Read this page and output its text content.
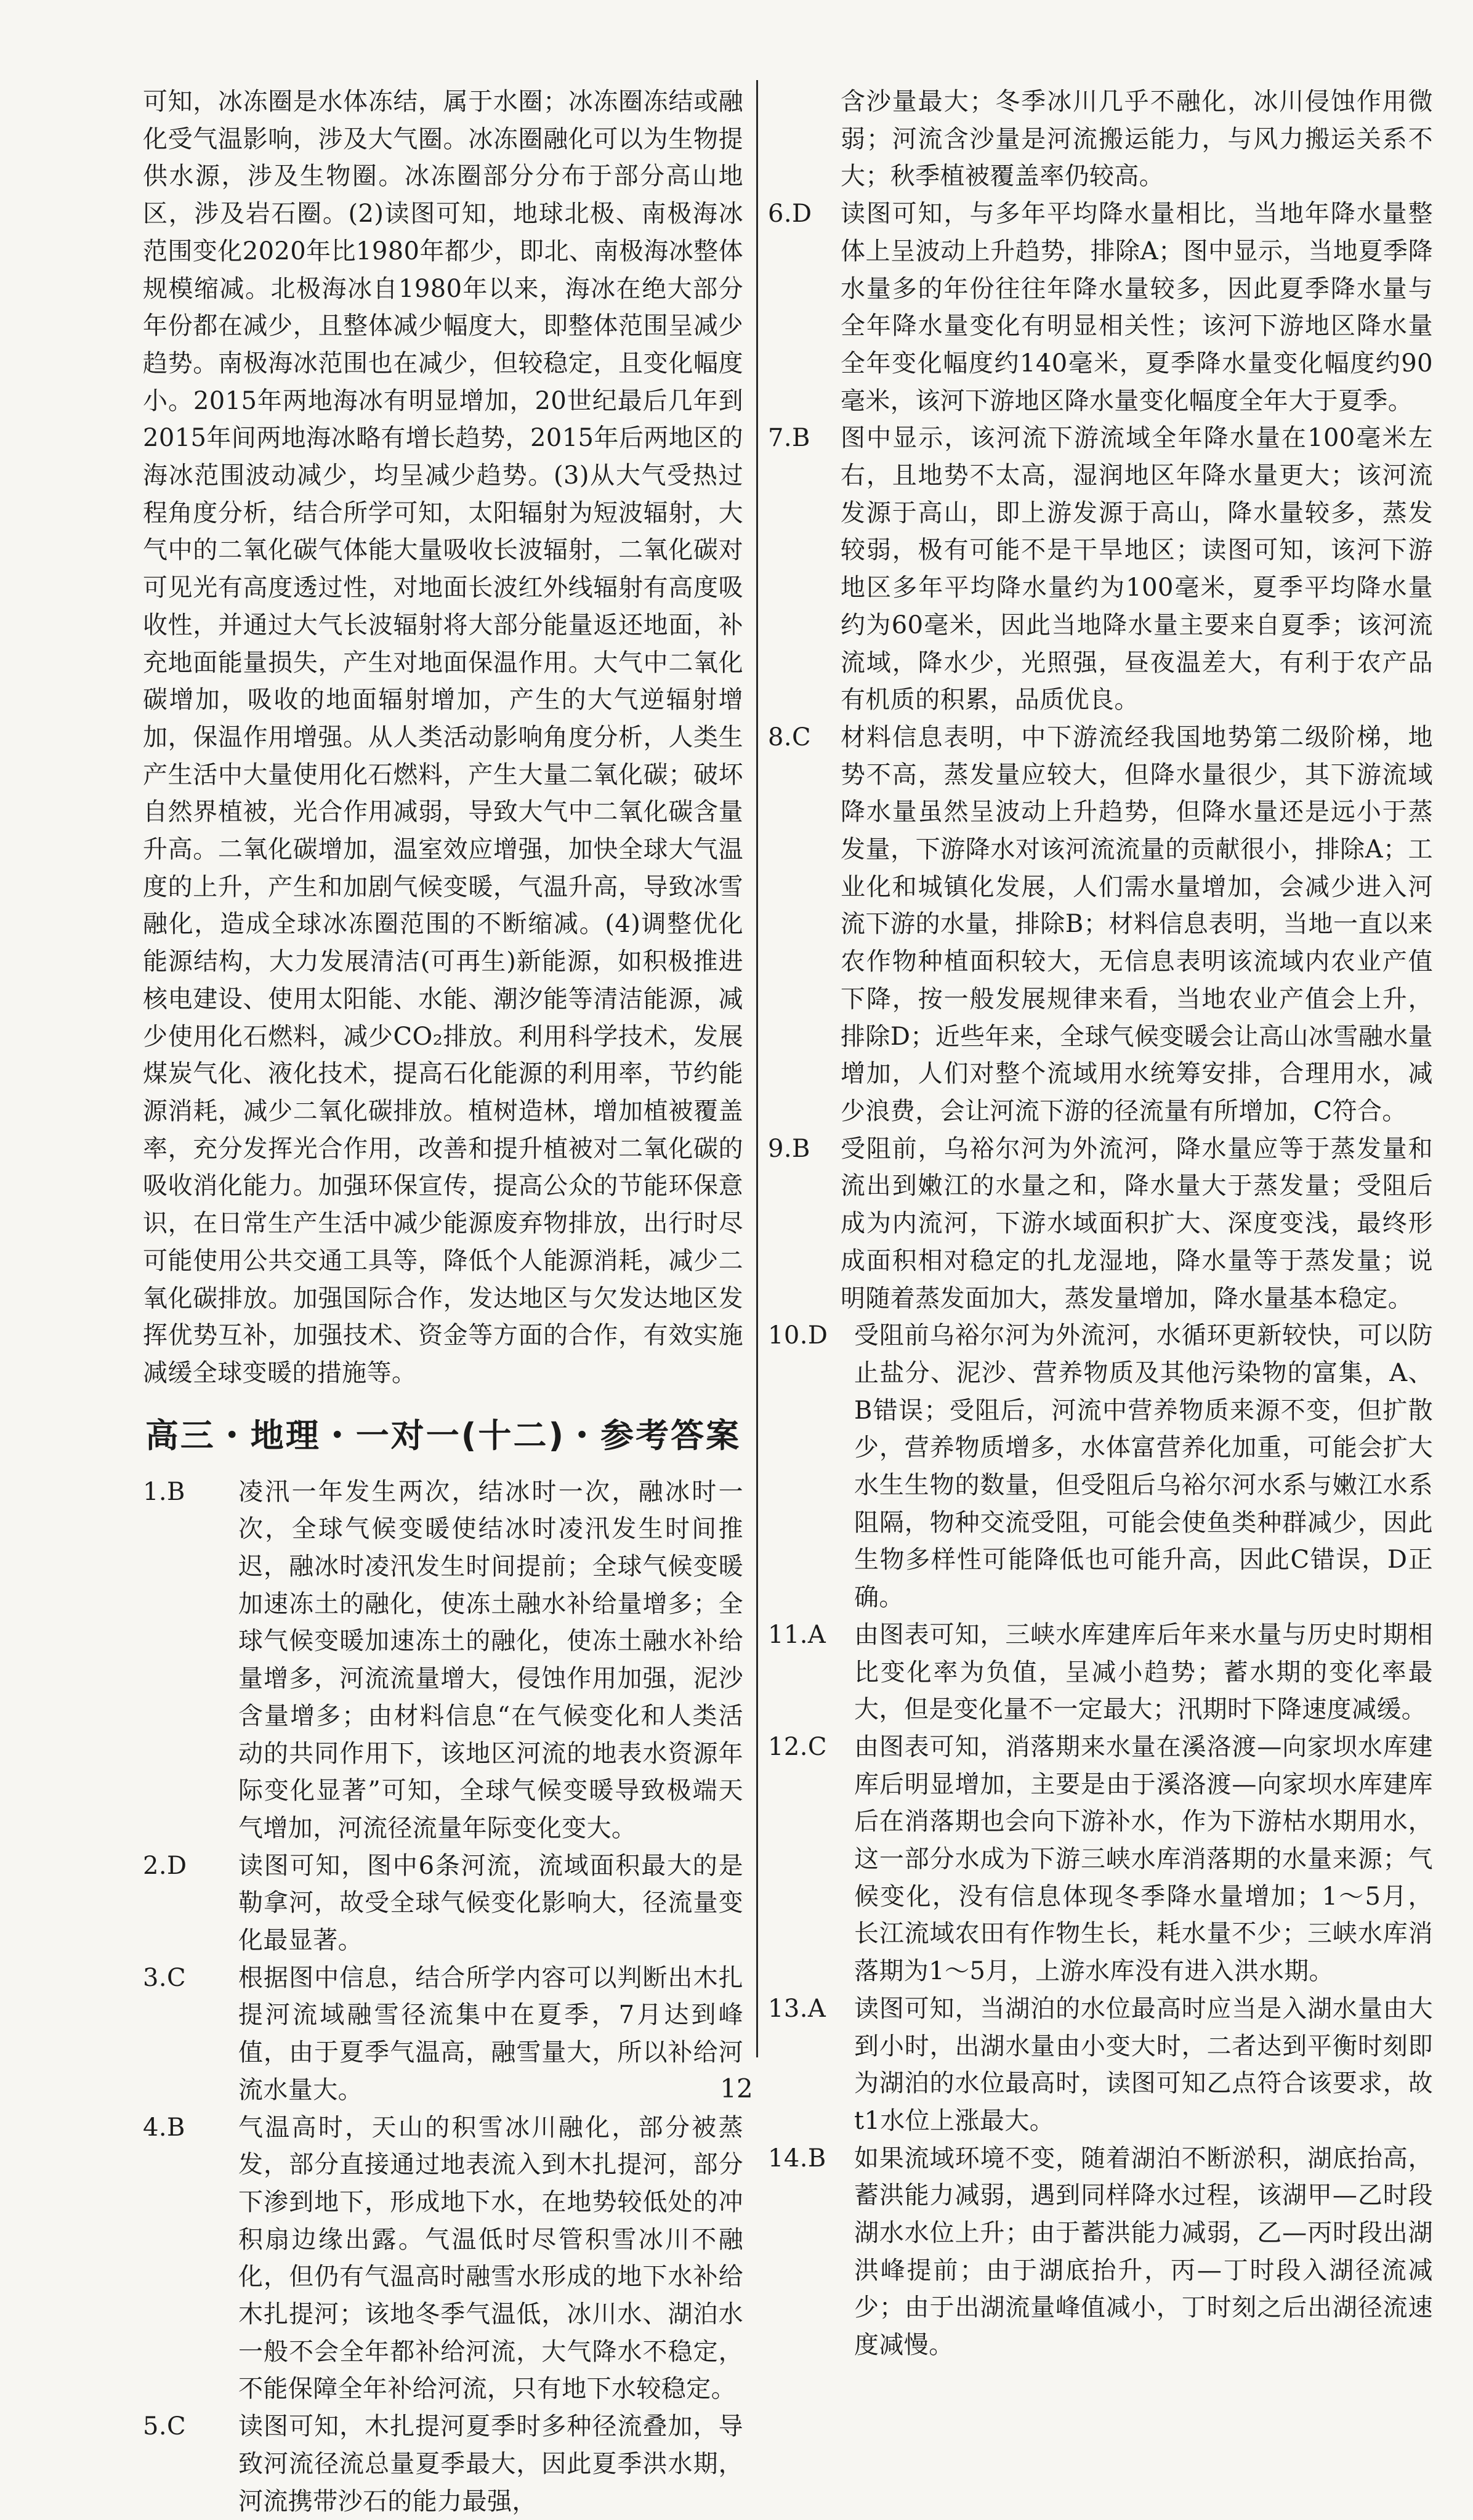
可知，冰冻圈是水体冻结，属于水圈；冰冻圈冻结或融化受气温影响，涉及大气圈。冰冻圈融化可以为生物提供水源，涉及生物圈。冰冻圈部分分布于部分高山地区，涉及岩石圈。(2)读图可知，地球北极、南极海冰范围变化2020年比1980年都少，即北、南极海冰整体规模缩减。北极海冰自1980年以来，海冰在绝大部分年份都在减少，且整体减少幅度大，即整体范围呈减少趋势。南极海冰范围也在减少，但较稳定，且变化幅度小。2015年两地海冰有明显增加，20世纪最后几年到2015年间两地海冰略有增长趋势，2015年后两地区的海冰范围波动减少，均呈减少趋势。(3)从大气受热过程角度分析，结合所学可知，太阳辐射为短波辐射，大气中的二氧化碳气体能大量吸收长波辐射，二氧化碳对可见光有高度透过性，对地面长波红外线辐射有高度吸收性，并通过大气长波辐射将大部分能量返还地面，补充地面能量损失，产生对地面保温作用。大气中二氧化碳增加，吸收的地面辐射增加，产生的大气逆辐射增加，保温作用增强。从人类活动影响角度分析，人类生产生活中大量使用化石燃料，产生大量二氧化碳；破坏自然界植被，光合作用减弱，导致大气中二氧化碳含量升高。二氧化碳增加，温室效应增强，加快全球大气温度的上升，产生和加剧气候变暖，气温升高，导致冰雪融化，造成全球冰冻圈范围的不断缩减。(4)调整优化能源结构，大力发展清洁(可再生)新能源，如积极推进核电建设、使用太阳能、水能、潮汐能等清洁能源，减少使用化石燃料，减少CO₂排放。利用科学技术，发展煤炭气化、液化技术，提高石化能源的利用率，节约能源消耗，减少二氧化碳排放。植树造林，增加植被覆盖率，充分发挥光合作用，改善和提升植被对二氧化碳的吸收消化能力。加强环保宣传，提高公众的节能环保意识，在日常生产生活中减少能源废弃物排放，出行时尽可能使用公共交通工具等，降低个人能源消耗，减少二氧化碳排放。加强国际合作，发达地区与欠发达地区发挥优势互补，加强技术、资金等方面的合作，有效实施减缓全球变暖的措施等。

高三・地理・一对一(十二)・参考答案
1.B	凌汛一年发生两次，结冰时一次，融冰时一次，全球气候变暖使结冰时凌汛发生时间推迟，融冰时凌汛发生时间提前；全球气候变暖加速冻土的融化，使冻土融水补给量增多；全球气候变暖加速冻土的融化，使冻土融水补给量增多，河流流量增大，侵蚀作用加强，泥沙含量增多；由材料信息“在气候变化和人类活动的共同作用下，该地区河流的地表水资源年际变化显著”可知，全球气候变暖导致极端天气增加，河流径流量年际变化变大。

2.D	读图可知，图中6条河流，流域面积最大的是勒拿河，故受全球气候变化影响大，径流量变化最显著。

3.C	根据图中信息，结合所学内容可以判断出木扎提河流域融雪径流集中在夏季，7月达到峰值，由于夏季气温高，融雪量大，所以补给河流水量大。

4.B	气温高时，天山的积雪冰川融化，部分被蒸发，部分直接通过地表流入到木扎提河，部分下渗到地下，形成地下水，在地势较低处的冲积扇边缘出露。气温低时尽管积雪冰川不融化，但仍有气温高时融雪水形成的地下水补给木扎提河；该地冬季气温低，冰川水、湖泊水一般不会全年都补给河流，大气降水不稳定，不能保障全年补给河流，只有地下水较稳定。

5.C	读图可知，木扎提河夏季时多种径流叠加，导致河流径流总量夏季最大，因此夏季洪水期，河流携带沙石的能力最强，

含沙量最大；冬季冰川几乎不融化，冰川侵蚀作用微弱；河流含沙量是河流搬运能力，与风力搬运关系不大；秋季植被覆盖率仍较高。

6.D	读图可知，与多年平均降水量相比，当地年降水量整体上呈波动上升趋势，排除A；图中显示，当地夏季降水量多的年份往往年降水量较多，因此夏季降水量与全年降水量变化有明显相关性；该河下游地区降水量全年变化幅度约140毫米，夏季降水量变化幅度约90毫米，该河下游地区降水量变化幅度全年大于夏季。

7.B	图中显示，该河流下游流域全年降水量在100毫米左右，且地势不太高，湿润地区年降水量更大；该河流发源于高山，即上游发源于高山，降水量较多，蒸发较弱，极有可能不是干旱地区；读图可知，该河下游地区多年平均降水量约为100毫米，夏季平均降水量约为60毫米，因此当地降水量主要来自夏季；该河流流域，降水少，光照强，昼夜温差大，有利于农产品有机质的积累，品质优良。

8.C	材料信息表明，中下游流经我国地势第二级阶梯，地势不高，蒸发量应较大，但降水量很少，其下游流域降水量虽然呈波动上升趋势，但降水量还是远小于蒸发量，下游降水对该河流流量的贡献很小，排除A；工业化和城镇化发展，人们需水量增加，会减少进入河流下游的水量，排除B；材料信息表明，当地一直以来农作物种植面积较大，无信息表明该流域内农业产值下降，按一般发展规律来看，当地农业产值会上升，排除D；近些年来，全球气候变暖会让高山冰雪融水量增加，人们对整个流域用水统筹安排，合理用水，减少浪费，会让河流下游的径流量有所增加，C符合。

9.B	受阻前，乌裕尔河为外流河，降水量应等于蒸发量和流出到嫩江的水量之和，降水量大于蒸发量；受阻后成为内流河，下游水域面积扩大、深度变浅，最终形成面积相对稳定的扎龙湿地，降水量等于蒸发量；说明随着蒸发面加大，蒸发量增加，降水量基本稳定。

10.D	受阻前乌裕尔河为外流河，水循环更新较快，可以防止盐分、泥沙、营养物质及其他污染物的富集，A、B错误；受阻后，河流中营养物质来源不变，但扩散少，营养物质增多，水体富营养化加重，可能会扩大水生生物的数量，但受阻后乌裕尔河水系与嫩江水系阻隔，物种交流受阻，可能会使鱼类种群减少，因此生物多样性可能降低也可能升高，因此C错误，D正确。

11.A	由图表可知，三峡水库建库后年来水量与历史时期相比变化率为负值，呈减小趋势；蓄水期的变化率最大，但是变化量不一定最大；汛期时下降速度减缓。

12.C	由图表可知，消落期来水量在溪洛渡—向家坝水库建库后明显增加，主要是由于溪洛渡—向家坝水库建库后在消落期也会向下游补水，作为下游枯水期用水，这一部分水成为下游三峡水库消落期的水量来源；气候变化，没有信息体现冬季降水量增加；1～5月，长江流域农田有作物生长，耗水量不少；三峡水库消落期为1～5月，上游水库没有进入洪水期。

13.A	读图可知，当湖泊的水位最高时应当是入湖水量由大到小时，出湖水量由小变大时，二者达到平衡时刻即为湖泊的水位最高时，读图可知乙点符合该要求，故t1水位上涨最大。

14.B	如果流域环境不变，随着湖泊不断淤积，湖底抬高，蓄洪能力减弱，遇到同样降水过程，该湖甲—乙时段湖水水位上升；由于蓄洪能力减弱，乙—丙时段出湖洪峰提前；由于湖底抬升，丙—丁时段入湖径流减少；由于出湖流量峰值减小，丁时刻之后出湖径流速度减慢。

12
